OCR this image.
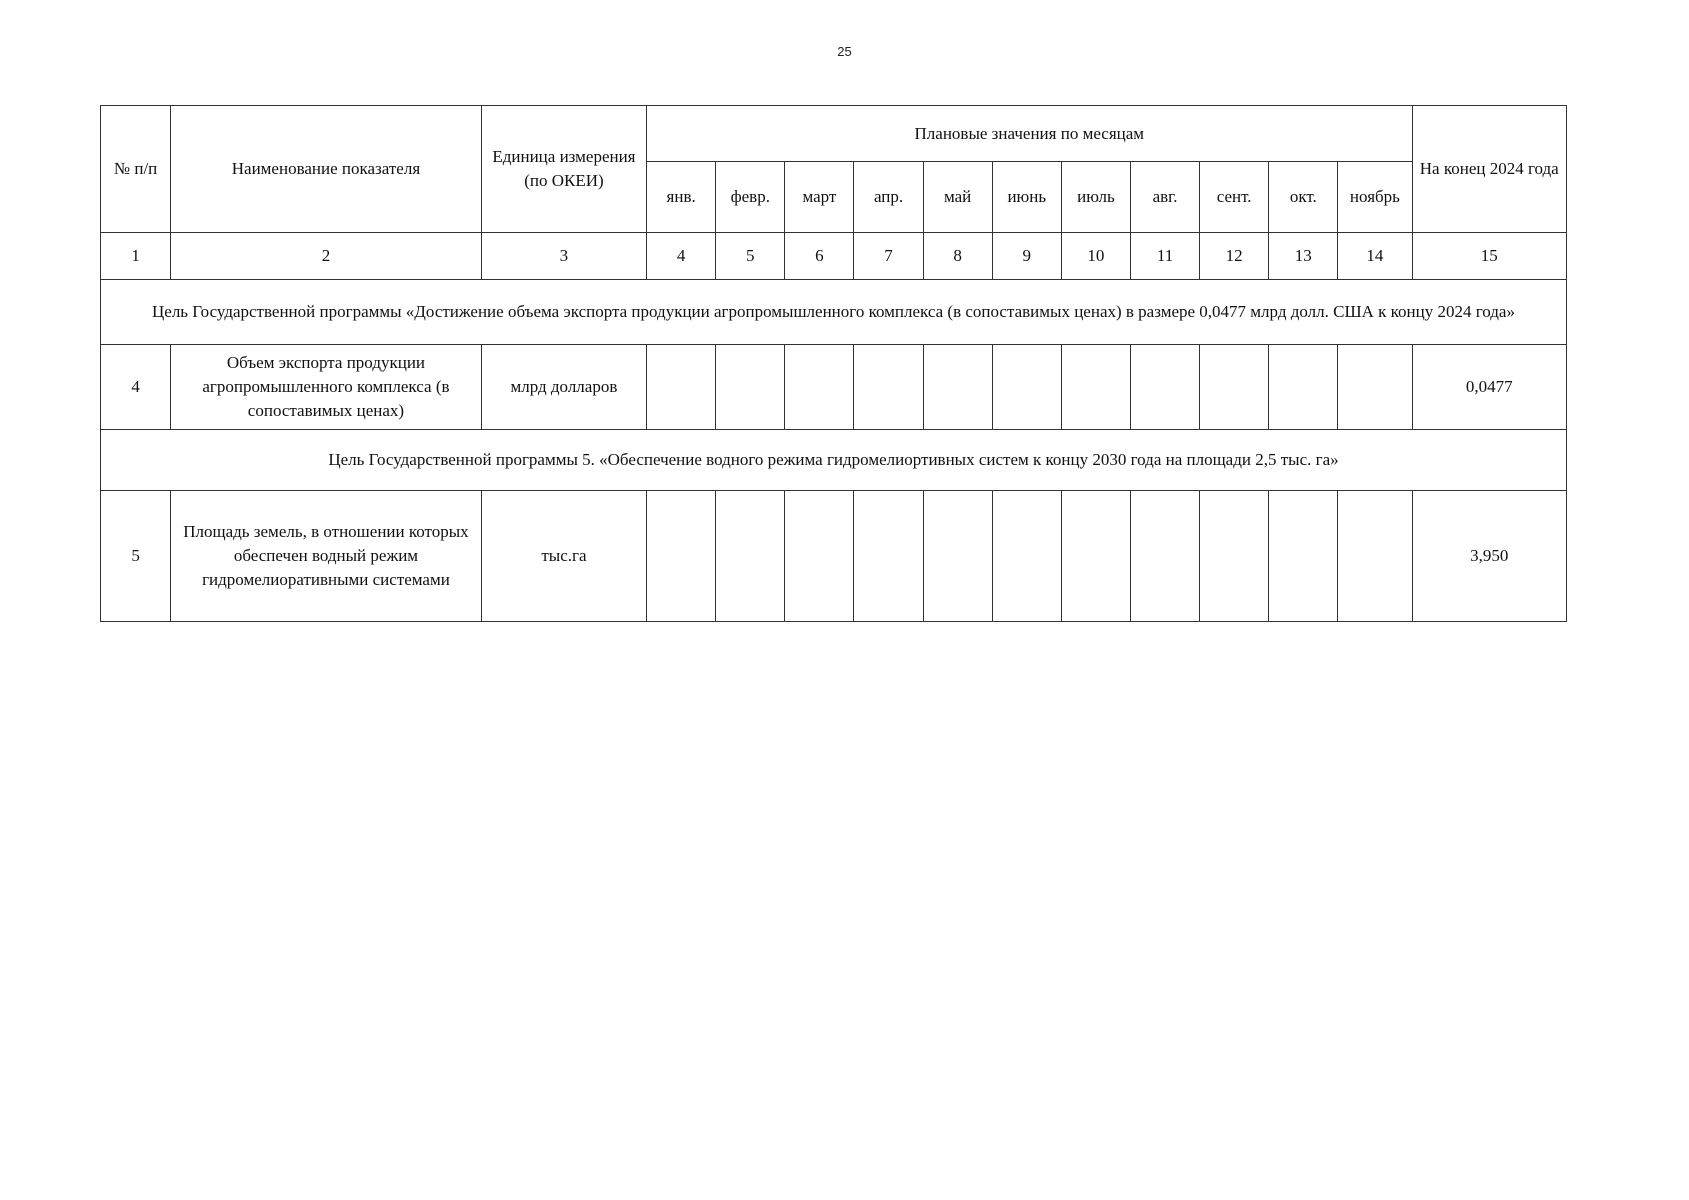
25
№ п/п	Наименование показателя	Единица измерения (по ОКЕИ)	Плановые значения по месяцам											На конец 2024 года
			янв.	февр.	март	апр.	май	июнь	июль	авг.	сент.	окт.	ноябрь	
1	2	3	4	5	6	7	8	9	10	11	12	13	14	15
Цель Государственной программы «Достижение объема экспорта продукции агропромышленного комплекса (в сопоставимых ценах) в размере 0,0477 млрд долл. США к концу 2024 года»														
4	Объем экспорта продукции агропромышленного комплекса (в сопоставимых ценах)	млрд долларов												0,0477
Цель Государственной программы 5. «Обеспечение водного режима гидромелиортивных систем к концу 2030 года на площади 2,5 тыс. га»														
5	Площадь земель, в отношении которых обеспечен водный режим гидромелиоративными системами	тыс.га												3,950
